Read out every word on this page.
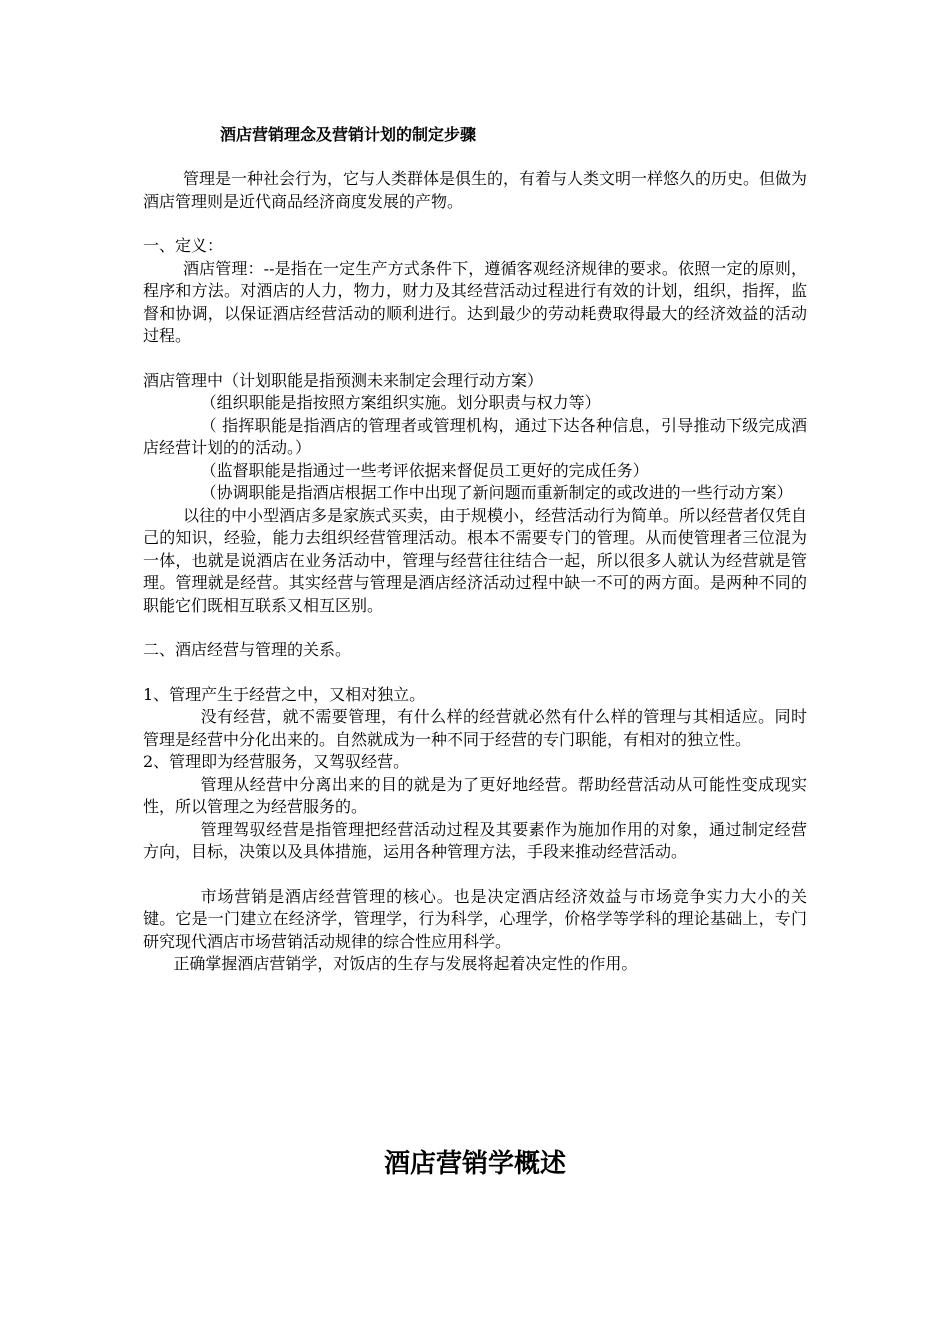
酒店营销理念及营销计划的制定步骤

管理是一种社会行为，它与人类群体是俱生的，有着与人类文明一样悠久的历史。但做为酒店管理则是近代商品经济商度发展的产物。

一、定义：

酒店管理：--是指在一定生产方式条件下，遵循客观经济规律的要求。依照一定的原则，程序和方法。对酒店的人力，物力，财力及其经营活动过程进行有效的计划，组织，指挥，监督和协调，以保证酒店经营活动的顺利进行。达到最少的劳动耗费取得最大的经济效益的活动过程。

酒店管理中（计划职能是指预测未来制定会理行动方案）

（组织职能是指按照方案组织实施。划分职责与权力等）

（ 指挥职能是指酒店的管理者或管理机构，通过下达各种信息，引导推动下级完成酒店经营计划的的活动。）

（监督职能是指通过一些考评依据来督促员工更好的完成任务）

（协调职能是指酒店根据工作中出现了新问题而重新制定的或改进的一些行动方案）

以往的中小型酒店多是家族式买卖，由于规模小，经营活动行为简单。所以经营者仅凭自己的知识，经验，能力去组织经营管理活动。根本不需要专门的管理。从而使管理者三位混为一体，也就是说酒店在业务活动中，管理与经营往往结合一起，所以很多人就认为经营就是管理。管理就是经营。其实经营与管理是酒店经济活动过程中缺一不可的两方面。是两种不同的职能它们既相互联系又相互区别。

二、酒店经营与管理的关系。

1、管理产生于经营之中，又相对独立。

没有经营，就不需要管理，有什么样的经营就必然有什么样的管理与其相适应。同时管理是经营中分化出来的。自然就成为一种不同于经营的专门职能，有相对的独立性。

2、管理即为经营服务，又驾驭经营。

管理从经营中分离出来的目的就是为了更好地经营。帮助经营活动从可能性变成现实性，所以管理之为经营服务的。

管理驾驭经营是指管理把经营活动过程及其要素作为施加作用的对象，通过制定经营方向，目标，决策以及具体措施，运用各种管理方法，手段来推动经营活动。

市场营销是酒店经营管理的核心。也是决定酒店经济效益与市场竞争实力大小的关键。它是一门建立在经济学，管理学，行为科学，心理学，价格学等学科的理论基础上，专门研究现代酒店市场营销活动规律的综合性应用科学。

正确掌握酒店营销学，对饭店的生存与发展将起着决定性的作用。

酒店营销学概述
